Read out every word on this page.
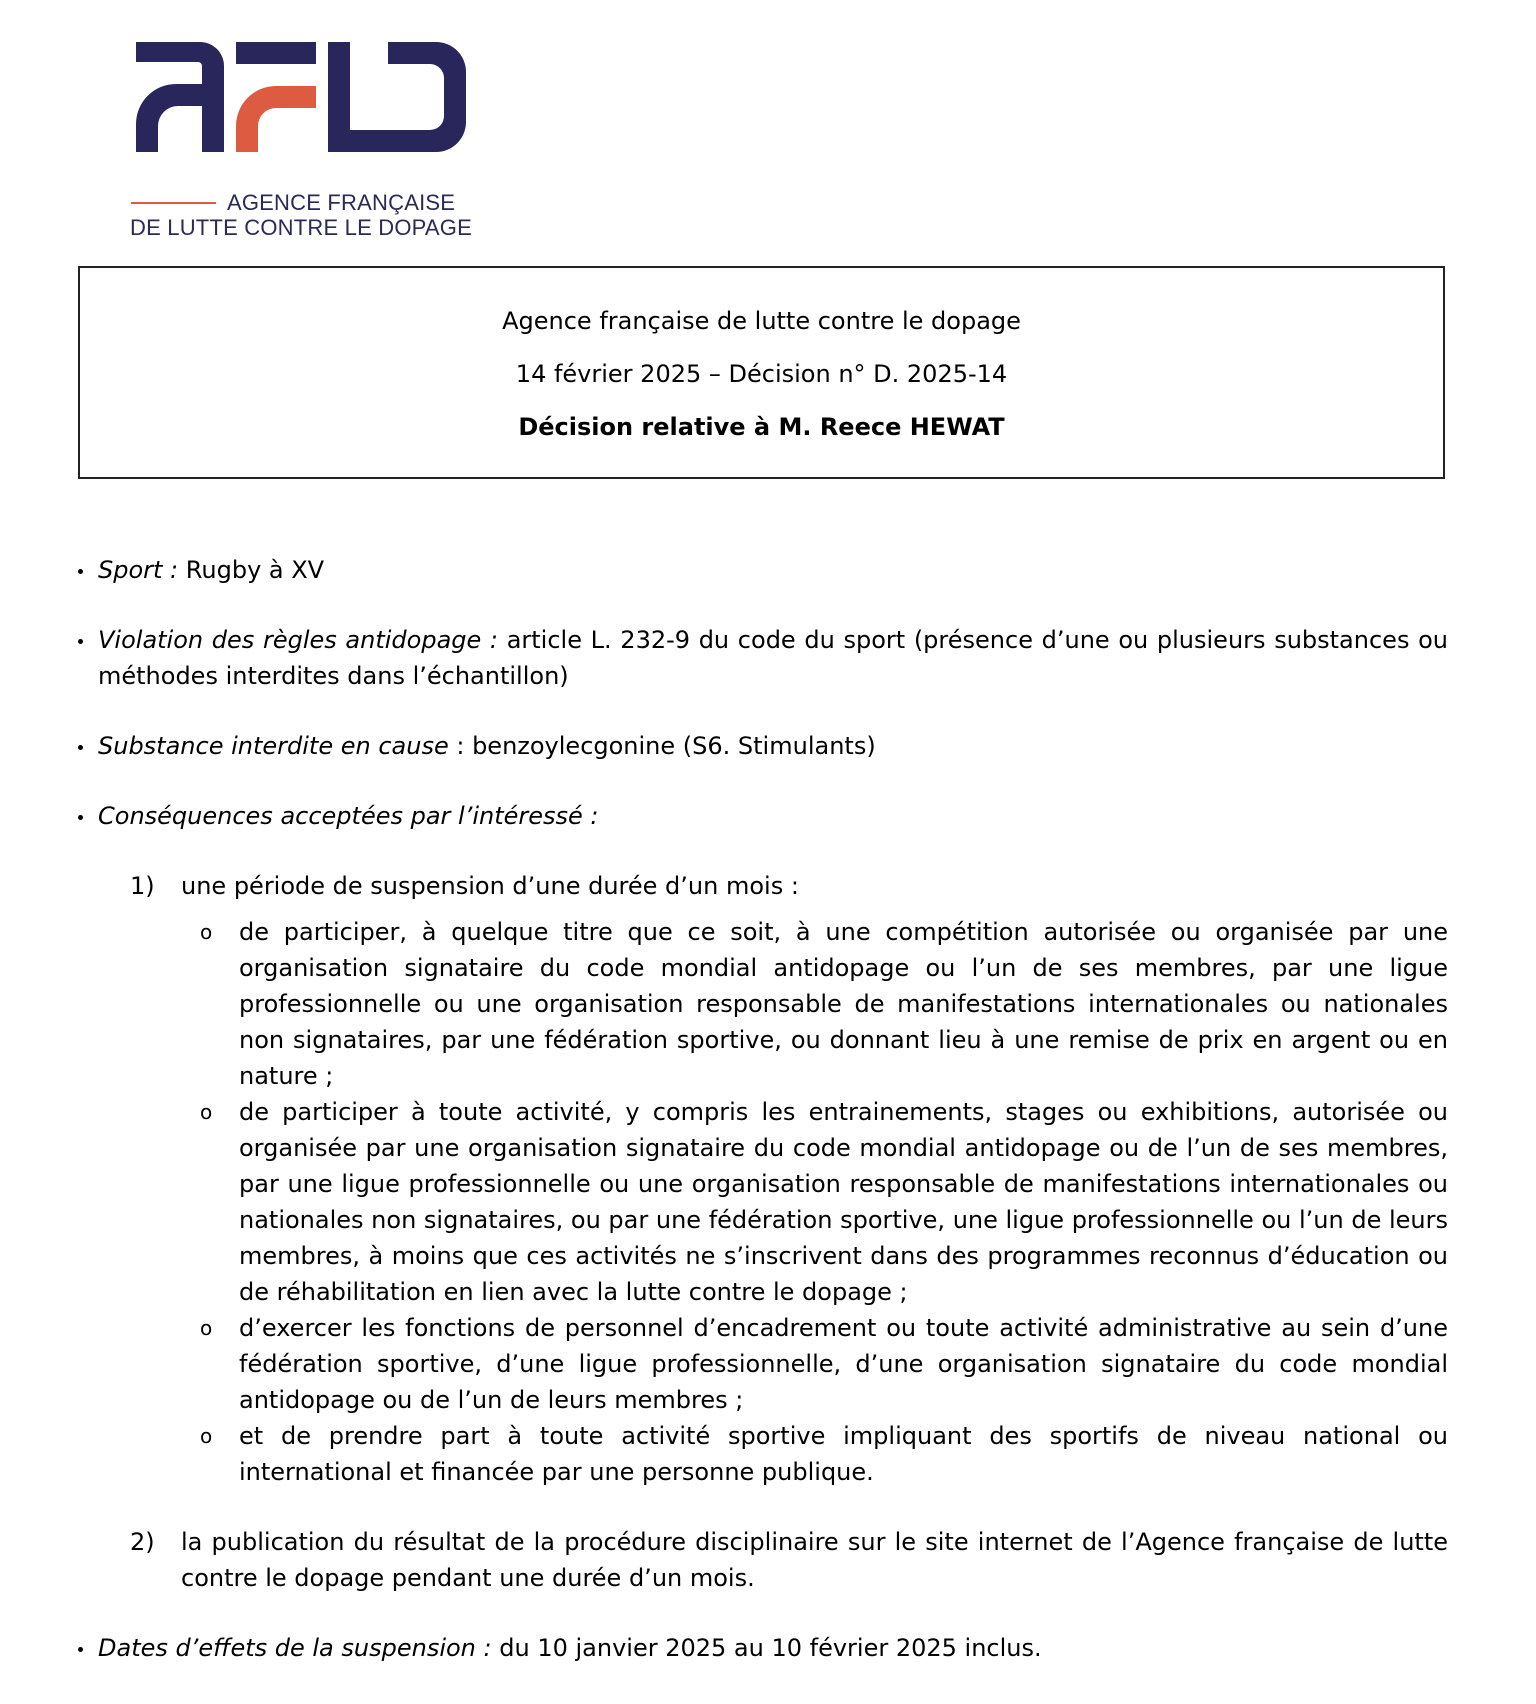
AGENCE FRANÇAISE
DE LUTTE CONTRE LE DOPAGE
Agence française de lutte contre le dopage
14 février 2025 – Décision n° D. 2025-14
Décision relative à M. Reece HEWAT
Sport : Rugby à XV
Violation des règles antidopage : article L. 232-9 du code du sport (présence d’une ou plusieurs substances ou méthodes interdites dans l’échantillon)
Substance interdite en cause : benzoylecgonine (S6. Stimulants)
Conséquences acceptées par l’intéressé :
1) une période de suspension d’une durée d’un mois :
o de participer, à quelque titre que ce soit, à une compétition autorisée ou organisée par une organisation signataire du code mondial antidopage ou l’un de ses membres, par une ligue professionnelle ou une organisation responsable de manifestations internationales ou nationales non signataires, par une fédération sportive, ou donnant lieu à une remise de prix en argent ou en nature ;
o de participer à toute activité, y compris les entrainements, stages ou exhibitions, autorisée ou organisée par une organisation signataire du code mondial antidopage ou de l’un de ses membres, par une ligue professionnelle ou une organisation responsable de manifestations internationales ou nationales non signataires, ou par une fédération sportive, une ligue professionnelle ou l’un de leurs membres, à moins que ces activités ne s’inscrivent dans des programmes reconnus d’éducation ou de réhabilitation en lien avec la lutte contre le dopage ;
o d’exercer les fonctions de personnel d’encadrement ou toute activité administrative au sein d’une fédération sportive, d’une ligue professionnelle, d’une organisation signataire du code mondial antidopage ou de l’un de leurs membres ;
o et de prendre part à toute activité sportive impliquant des sportifs de niveau national ou international et financée par une personne publique.
2) la publication du résultat de la procédure disciplinaire sur le site internet de l’Agence française de lutte contre le dopage pendant une durée d’un mois.
Dates d’effets de la suspension : du 10 janvier 2025 au 10 février 2025 inclus.
